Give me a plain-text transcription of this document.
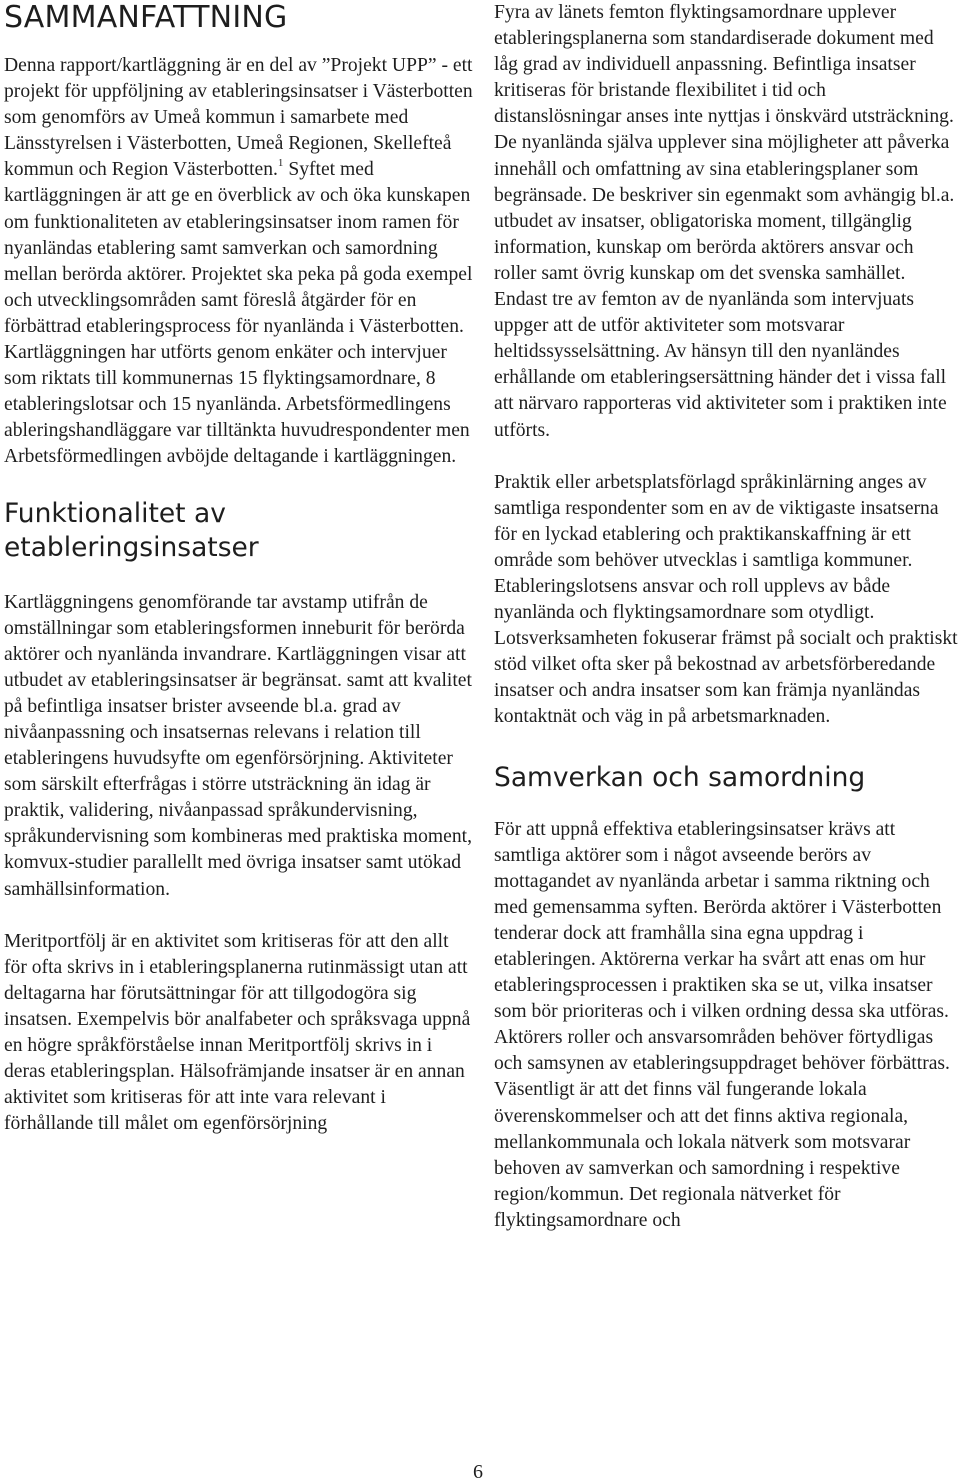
SAMMANFATTNING

Denna rapport/kartläggning är en del av ”Projekt UPP” - ett projekt för uppföljning av etableringsinsatser i Västerbotten som genomförs av Umeå kommun i samarbete med Länsstyrelsen i Västerbotten, Umeå Regionen, Skellefteå kommun och Region Västerbotten.$^1$ Syftet med kartläggningen är att ge en överblick av och öka kunskapen om funktionaliteten av etableringsinsatser inom ramen för nyanländas etablering samt samverkan och samordning mellan berörda aktörer. Projektet ska peka på goda exempel och utvecklingsområden samt föreslå åtgärder för en förbättrad etableringsprocess för nyanlända i Västerbotten. Kartläggningen har utförts genom enkäter och intervjuer som riktats till kommunernas 15 flyktingsamordnare, 8 etableringslotsar och 15 nyanlända. Arbetsförmedlingens ableringshandläggare var tilltänkta huvudrespondenter men Arbetsförmedlingen avböjde deltagande i kartläggningen.

Funktionalitet av etableringsinsatser

Kartläggningens genomförande tar avstamp utifrån de omställningar som etableringsformen inneburit för berörda aktörer och nyanlända invandrare. Kartläggningen visar att utbudet av etableringsinsatser är begränsat. samt att kvalitet på befintliga insatser brister avseende bl.a. grad av nivåanpassning och insatsernas relevans i relation till etableringens huvudsyfte om egenförsörjning. Aktiviteter som särskilt efterfrågas i större utsträckning än idag är praktik, validering, nivåanpassad språkundervisning, språkundervisning som kombineras med praktiska moment, komvux-studier parallellt med övriga insatser samt utökad samhällsinformation.

Meritportfölj är en aktivitet som kritiseras för att den allt för ofta skrivs in i etableringsplanerna rutinmässigt utan att deltagarna har förutsättningar för att tillgodogöra sig insatsen. Exempelvis bör analfabeter och språksvaga uppnå en högre språkförståelse innan Meritportfölj skrivs in i deras etableringsplan. Hälsofrämjande insatser är en annan aktivitet som kritiseras för att inte vara relevant i förhållande till målet om egenförsörjning

Fyra av länets femton flyktingsamordnare upplever etableringsplanerna som standardiserade dokument med låg grad av individuell anpassning. Befintliga insatser kritiseras för bristande flexibilitet i tid och distanslösningar anses inte nyttjas i önskvärd utsträckning. De nyanlända själva upplever sina möjligheter att påverka innehåll och omfattning av sina etableringsplaner som begränsade. De beskriver sin egenmakt som avhängig bl.a. utbudet av insatser, obligatoriska moment, tillgänglig information, kunskap om berörda aktörers ansvar och roller samt övrig kunskap om det svenska samhället. Endast tre av femton av de nyanlända som intervjuats uppger att de utför aktiviteter som motsvarar heltidssysselsättning. Av hänsyn till den nyanländes erhållande om etableringsersättning händer det i vissa fall att närvaro rapporteras vid aktiviteter som i praktiken inte utförts.

Praktik eller arbetsplatsförlagd språkinlärning anges av samtliga respondenter som en av de viktigaste insatserna för en lyckad etablering och praktikanskaffning är ett område som behöver utvecklas i samtliga kommuner. Etableringslotsens ansvar och roll upplevs av både nyanlända och flyktingsamordnare som otydligt. Lotsverksamheten fokuserar främst på socialt och praktiskt stöd vilket ofta sker på bekostnad av arbetsförberedande insatser och andra insatser som kan främja nyanländas kontaktnät och väg in på arbetsmarknaden.

Samverkan och samordning

För att uppnå effektiva etableringsinsatser krävs att samtliga aktörer som i något avseende berörs av mottagandet av nyanlända arbetar i samma riktning och med gemensamma syften. Berörda aktörer i Västerbotten tenderar dock att framhålla sina egna uppdrag i etableringen. Aktörerna verkar ha svårt att enas om hur etableringsprocessen i praktiken ska se ut, vilka insatser som bör prioriteras och i vilken ordning dessa ska utföras. Aktörers roller och ansvarsområden behöver förtydligas och samsynen av etableringsuppdraget behöver förbättras. Väsentligt är att det finns väl fungerande lokala överenskommelser och att det finns aktiva regionala, mellankommunala och lokala nätverk som motsvarar behoven av samverkan och samordning i respektive region/kommun. Det regionala nätverket för flyktingsamordnare och

6
